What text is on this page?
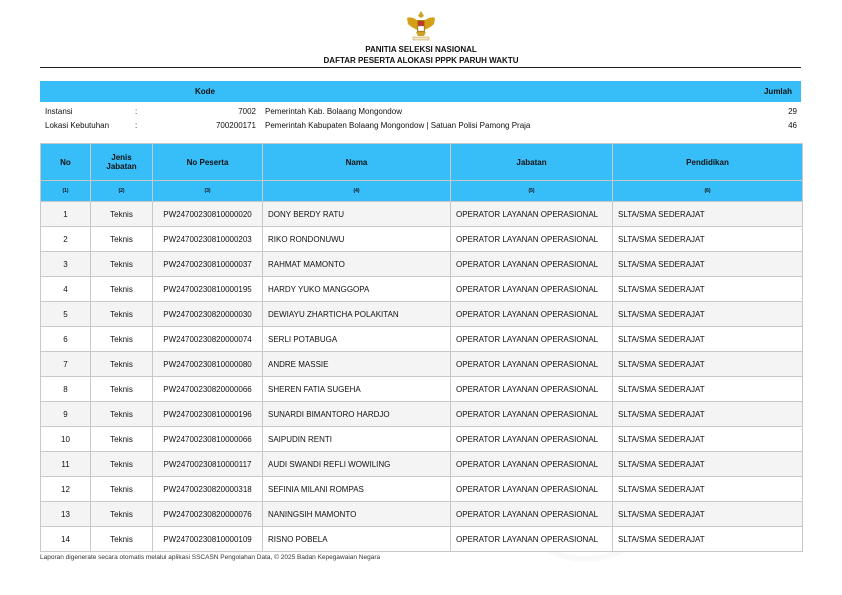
PANITIA SELEKSI NASIONAL
DAFTAR PESERTA ALOKASI PPPK PARUH WAKTU
Kode	Jumlah
Instansi	:	7002 Pemerintah Kab. Bolaang Mongondow	29
Lokasi Kebutuhan	:	700200171 Pemerintah Kabupaten Bolaang Mongondow | Satuan Polisi Pamong Praja	46
No	Jenis Jabatan	No Peserta	Nama	Jabatan	Pendidikan
(1)	(2)	(3)	(4)	(5)	(6)
1	Teknis	PW24700230810000020	DONY BERDY RATU	OPERATOR LAYANAN OPERASIONAL	SLTA/SMA SEDERAJAT
2	Teknis	PW24700230810000203	RIKO RONDONUWU	OPERATOR LAYANAN OPERASIONAL	SLTA/SMA SEDERAJAT
3	Teknis	PW24700230810000037	RAHMAT MAMONTO	OPERATOR LAYANAN OPERASIONAL	SLTA/SMA SEDERAJAT
4	Teknis	PW24700230810000195	HARDY YUKO MANGGOPA	OPERATOR LAYANAN OPERASIONAL	SLTA/SMA SEDERAJAT
5	Teknis	PW24700230820000030	DEWIAYU ZHARTICHA POLAKITAN	OPERATOR LAYANAN OPERASIONAL	SLTA/SMA SEDERAJAT
6	Teknis	PW24700230820000074	SERLI POTABUGA	OPERATOR LAYANAN OPERASIONAL	SLTA/SMA SEDERAJAT
7	Teknis	PW24700230810000080	ANDRE MASSIE	OPERATOR LAYANAN OPERASIONAL	SLTA/SMA SEDERAJAT
8	Teknis	PW24700230820000066	SHEREN FATIA SUGEHA	OPERATOR LAYANAN OPERASIONAL	SLTA/SMA SEDERAJAT
9	Teknis	PW24700230810000196	SUNARDI BIMANTORO HARDJO	OPERATOR LAYANAN OPERASIONAL	SLTA/SMA SEDERAJAT
10	Teknis	PW24700230810000066	SAIPUDIN RENTI	OPERATOR LAYANAN OPERASIONAL	SLTA/SMA SEDERAJAT
11	Teknis	PW24700230810000117	AUDI SWANDI REFLI WOWILING	OPERATOR LAYANAN OPERASIONAL	SLTA/SMA SEDERAJAT
12	Teknis	PW24700230820000318	SEFINIA MILANI ROMPAS	OPERATOR LAYANAN OPERASIONAL	SLTA/SMA SEDERAJAT
13	Teknis	PW24700230820000076	NANINGSIH MAMONTO	OPERATOR LAYANAN OPERASIONAL	SLTA/SMA SEDERAJAT
14	Teknis	PW24700230810000109	RISNO POBELA	OPERATOR LAYANAN OPERASIONAL	SLTA/SMA SEDERAJAT
Laporan digenerate secara otomatis melalui aplikasi SSCASN Pengolahan Data, © 2025 Badan Kepegawaian Negara
